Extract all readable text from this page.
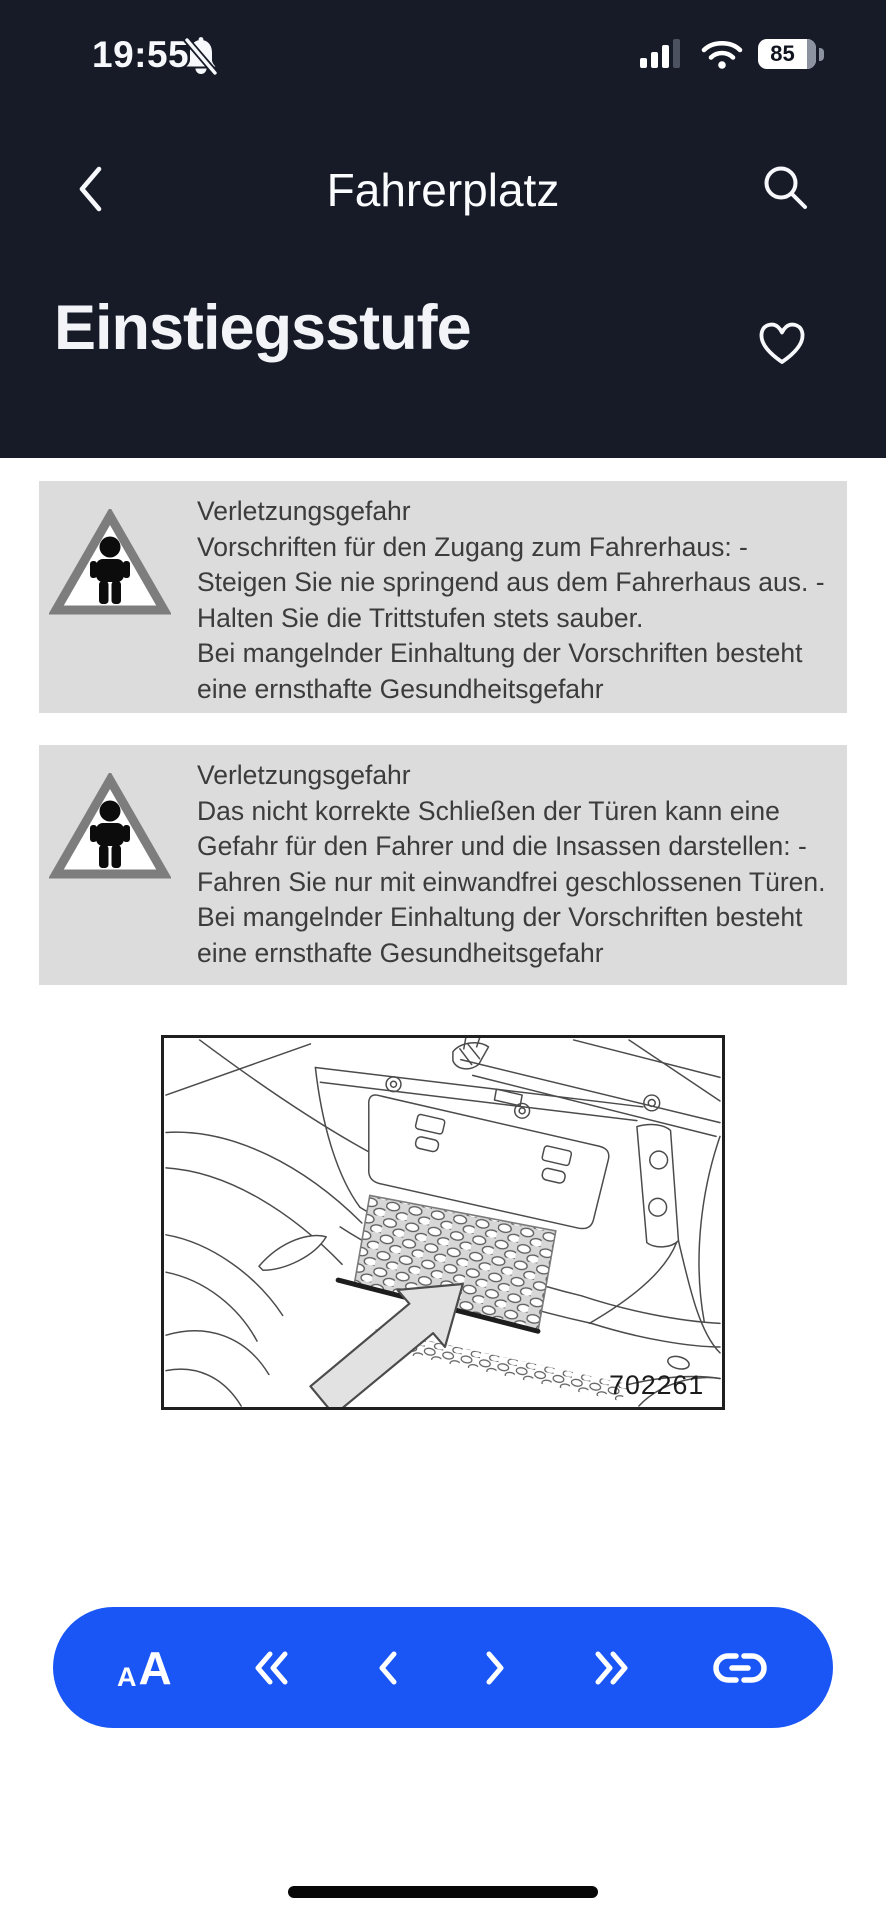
19:55	85
Fahrerplatz
Einstiegsstufe
Verletzungsgefahr
Vorschriften für den Zugang zum Fahrerhaus: - Steigen Sie nie springend aus dem Fahrerhaus aus. - Halten Sie die Trittstufen stets sauber.
Bei mangelnder Einhaltung der Vorschriften besteht eine ernsthafte Gesundheitsgefahr
Verletzungsgefahr
Das nicht korrekte Schließen der Türen kann eine Gefahr für den Fahrer und die Insassen darstellen: - Fahren Sie nur mit einwandfrei geschlossenen Türen.
Bei mangelnder Einhaltung der Vorschriften besteht eine ernsthafte Gesundheitsgefahr
702261
A A
